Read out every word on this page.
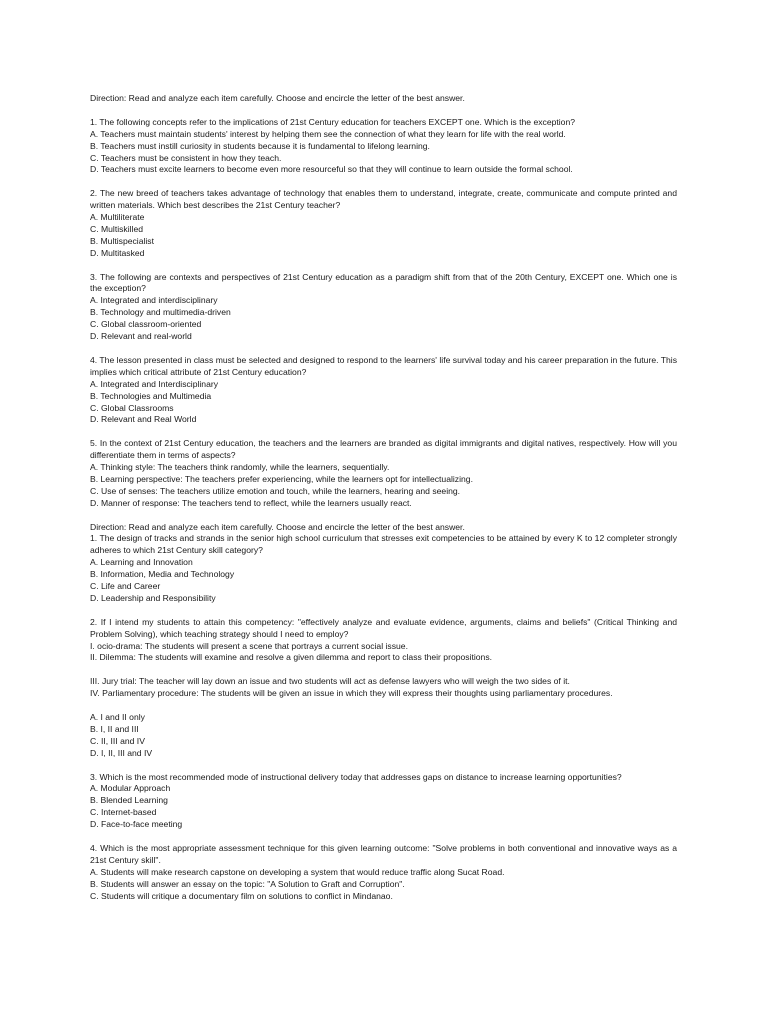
Direction: Read and analyze each item carefully. Choose and encircle the letter of the best answer.

1. The following concepts refer to the implications of 21st Century education for teachers EXCEPT one. Which is the exception?

A. Teachers must maintain students' interest by helping them see the connection of what they learn for life with the real world.

B. Teachers must instill curiosity in students because it is fundamental to lifelong learning.

C. Teachers must be consistent in how they teach.

D. Teachers must excite learners to become even more resourceful so that they will continue to learn outside the formal school.

2. The new breed of teachers takes advantage of technology that enables them to understand, integrate, create, communicate and compute printed and written materials. Which best describes the 21st Century teacher?

A. Multiliterate

C. Multiskilled

B. Multispecialist

D. Multitasked

3. The following are contexts and perspectives of 21st Century education as a paradigm shift from that of the 20th Century, EXCEPT one. Which one is the exception?

A. Integrated and interdisciplinary

B. Technology and multimedia-driven

C. Global classroom-oriented

D. Relevant and real-world

4. The lesson presented in class must be selected and designed to respond to the learners' life survival today and his career preparation in the future. This implies which critical attribute of 21st Century education?

A. Integrated and Interdisciplinary

B. Technologies and Multimedia

C. Global Classrooms

D. Relevant and Real World

5. In the context of 21st Century education, the teachers and the learners are branded as digital immigrants and digital natives, respectively. How will you differentiate them in terms of aspects?

A. Thinking style: The teachers think randomly, while the learners, sequentially.

B. Learning perspective: The teachers prefer experiencing, while the learners opt for intellectualizing.

C. Use of senses: The teachers utilize emotion and touch, while the learners, hearing and seeing.

D. Manner of response: The teachers tend to reflect, while the learners usually react.

Direction: Read and analyze each item carefully. Choose and encircle the letter of the best answer.

1. The design of tracks and strands in the senior high school curriculum that stresses exit competencies to be attained by every K to 12 completer strongly adheres to which 21st Century skill category?

A. Learning and Innovation

B. Information, Media and Technology

C. Life and Career

D. Leadership and Responsibility

2. If I intend my students to attain this competency: "effectively analyze and evaluate evidence, arguments, claims and beliefs" (Critical Thinking and Problem Solving), which teaching strategy should I need to employ?

I. ocio-drama: The students will present a scene that portrays a current social issue.

II. Dilemma: The students will examine and resolve a given dilemma and report to class their propositions.

III. Jury trial: The teacher will lay down an issue and two students will act as defense lawyers who will weigh the two sides of it.

IV. Parliamentary procedure: The students will be given an issue in which they will express their thoughts using parliamentary procedures.

A. I and II only

B. I, II and III

C. II, III and IV

D. I, II, III and IV

3. Which is the most recommended mode of instructional delivery today that addresses gaps on distance to increase learning opportunities?

A. Modular Approach

B. Blended Learning

C. Internet-based

D. Face-to-face meeting

4. Which is the most appropriate assessment technique for this given learning outcome: "Solve problems in both conventional and innovative ways as a 21st Century skill".

A. Students will make research capstone on developing a system that would reduce traffic along Sucat Road.

B. Students will answer an essay on the topic: "A Solution to Graft and Corruption".

C. Students will critique a documentary film on solutions to conflict in Mindanao.
